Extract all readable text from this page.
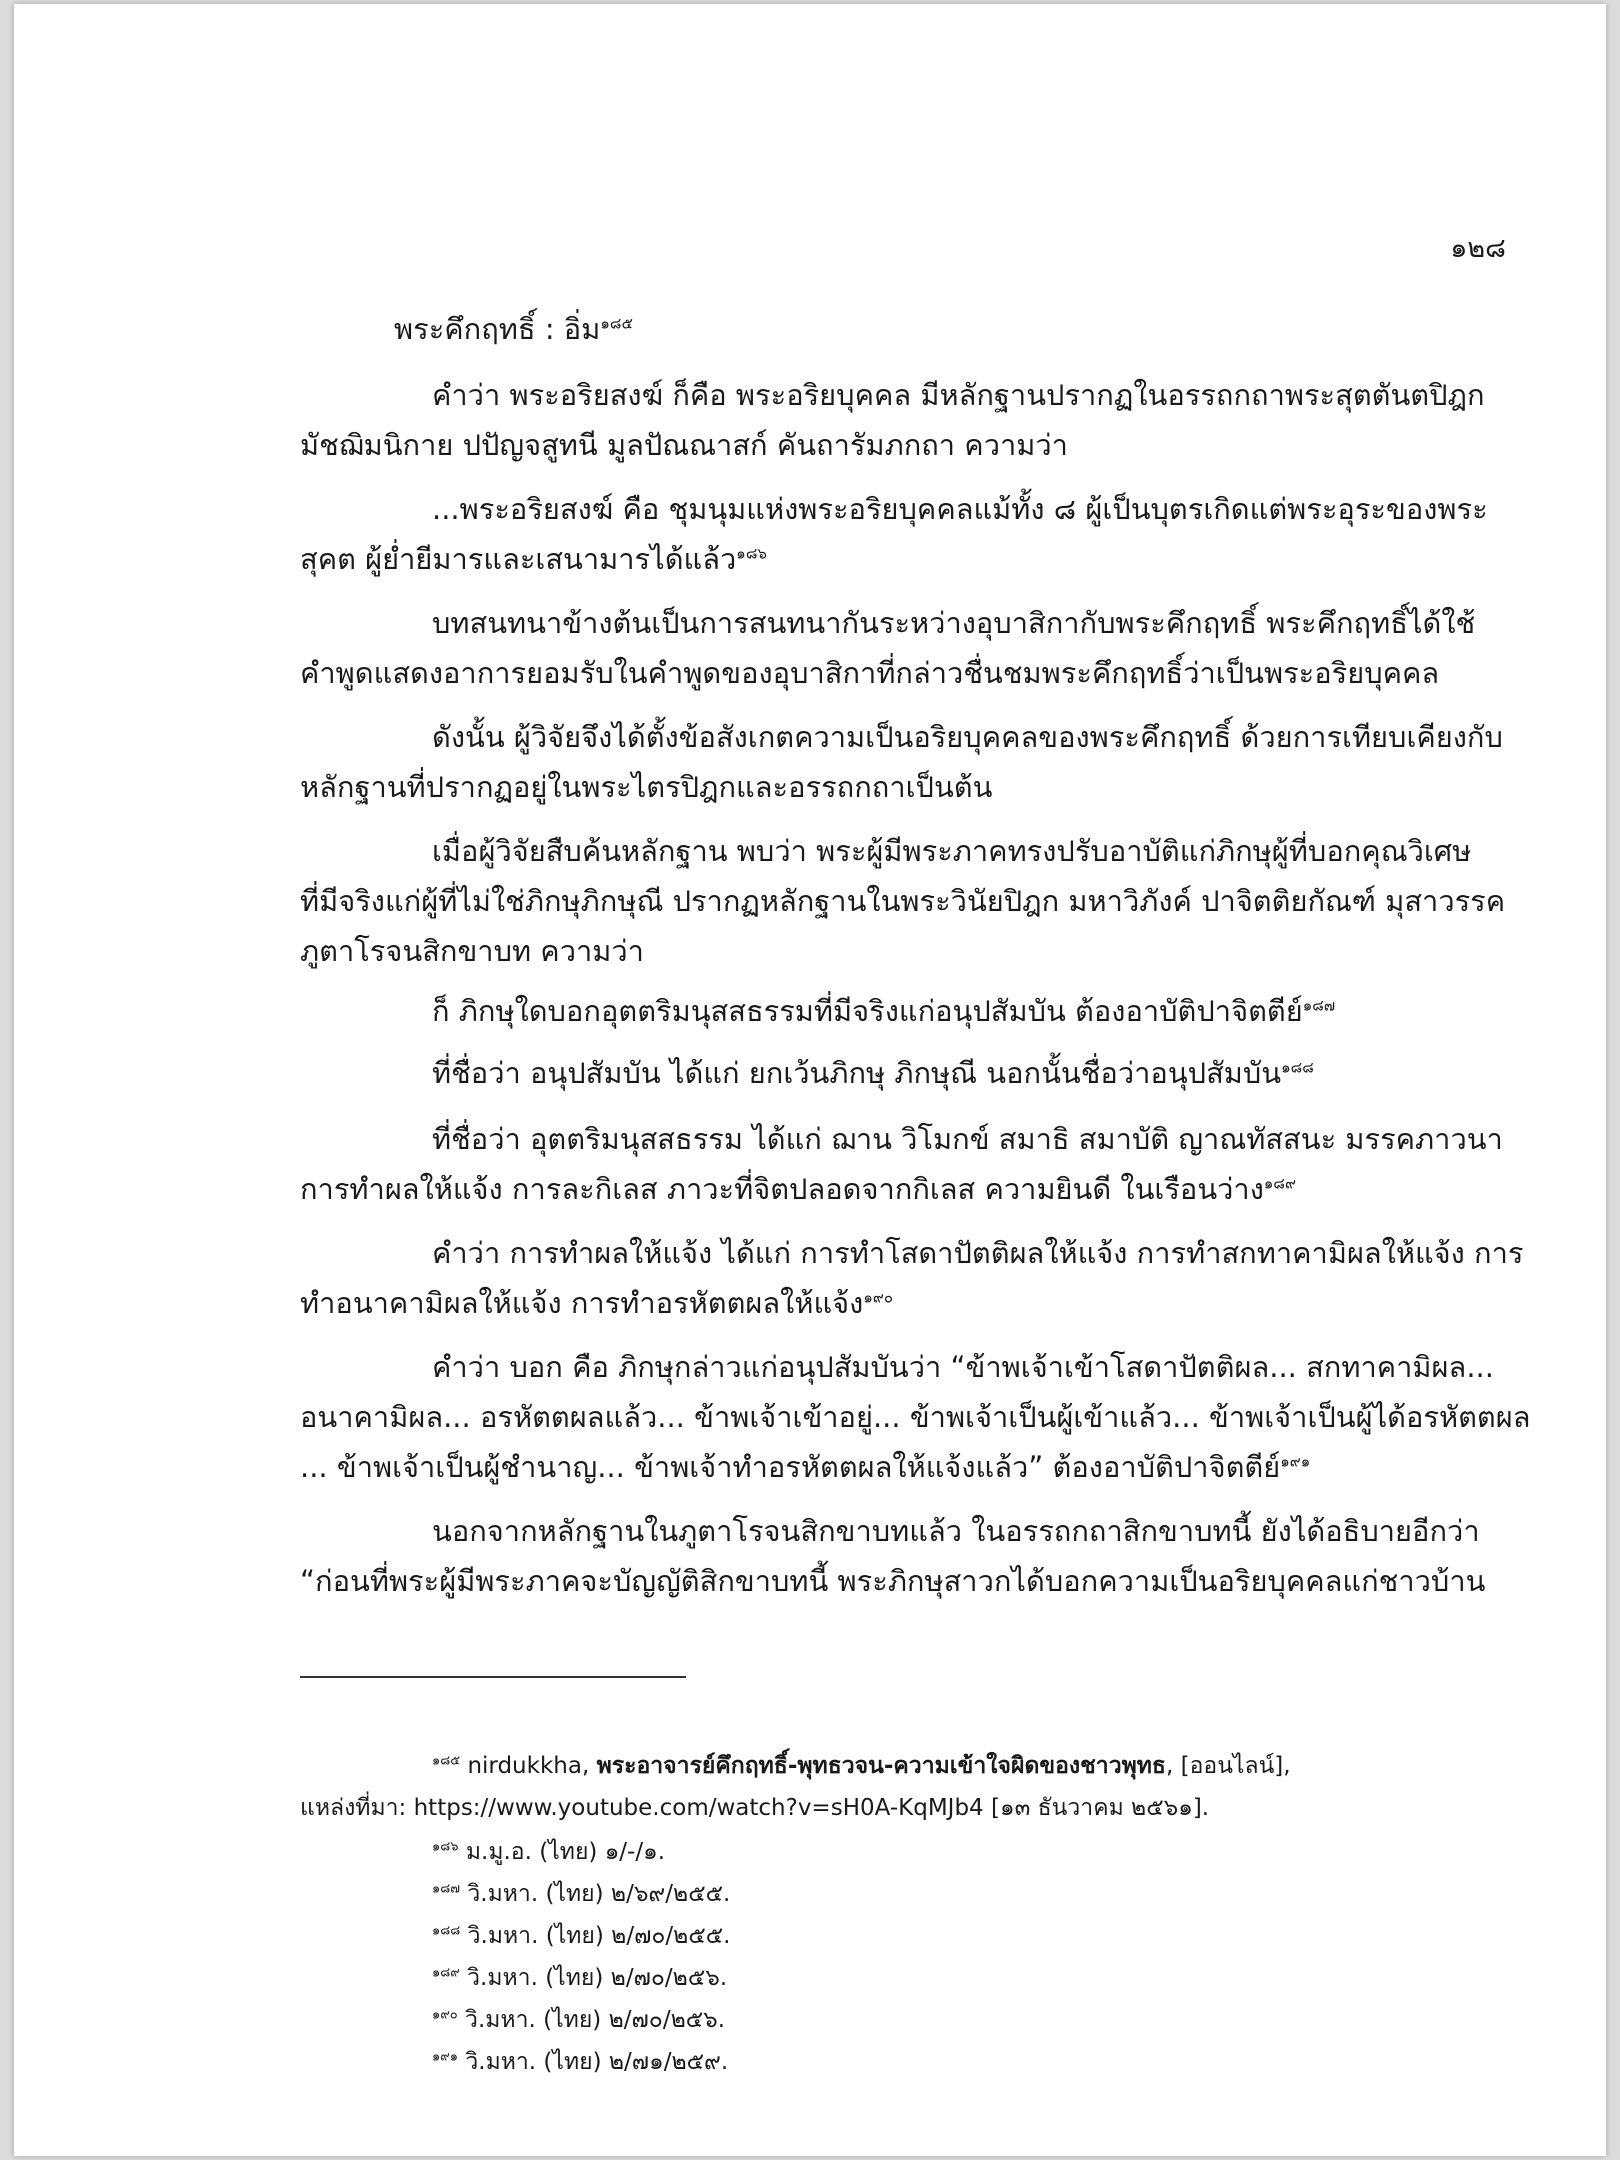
๑๒๘
พระคึกฤทธิ์ : อิ่ม$^{๑๘๕}$
คำว่า พระอริยสงฆ์ ก็คือ พระอริยบุคคล มีหลักฐานปรากฏในอรรถกถาพระสุตตันตปิฎก
มัชฌิมนิกาย ปปัญจสูทนี มูลปัณณาสก์ คันถารัมภกถา ความว่า
...พระอริยสงฆ์ คือ ชุมนุมแห่งพระอริยบุคคลแม้ทั้ง ๘ ผู้เป็นบุตรเกิดแต่พระอุระของพระ
สุคต ผู้ย่ำยีมารและเสนามารได้แล้ว$^{๑๘๖}$
บทสนทนาข้างต้นเป็นการสนทนากันระหว่างอุบาสิกากับพระคึกฤทธิ์ พระคึกฤทธิ์ได้ใช้
คำพูดแสดงอาการยอมรับในคำพูดของอุบาสิกาที่กล่าวชื่นชมพระคึกฤทธิ์ว่าเป็นพระอริยบุคคล
ดังนั้น ผู้วิจัยจึงได้ตั้งข้อสังเกตความเป็นอริยบุคคลของพระคึกฤทธิ์ ด้วยการเทียบเคียงกับ
หลักฐานที่ปรากฏอยู่ในพระไตรปิฎกและอรรถกถาเป็นต้น
เมื่อผู้วิจัยสืบค้นหลักฐาน พบว่า พระผู้มีพระภาคทรงปรับอาบัติแก่ภิกษุผู้ที่บอกคุณวิเศษ
ที่มีจริงแก่ผู้ที่ไม่ใช่ภิกษุภิกษุณี ปรากฏหลักฐานในพระวินัยปิฎก มหาวิภังค์ ปาจิตติยกัณฑ์ มุสาวรรค
ภูตาโรจนสิกขาบท ความว่า
ก็ ภิกษุใดบอกอุตตริมนุสสธรรมที่มีจริงแก่อนุปสัมบัน ต้องอาบัติปาจิตตีย์$^{๑๘๗}$
ที่ชื่อว่า อนุปสัมบัน ได้แก่ ยกเว้นภิกษุ ภิกษุณี นอกนั้นชื่อว่าอนุปสัมบัน$^{๑๘๘}$
ที่ชื่อว่า อุตตริมนุสสธรรม ได้แก่ ฌาน วิโมกข์ สมาธิ สมาบัติ ญาณทัสสนะ มรรคภาวนา
การทำผลให้แจ้ง การละกิเลส ภาวะที่จิตปลอดจากกิเลส ความยินดี ในเรือนว่าง$^{๑๘๙}$
คำว่า การทำผลให้แจ้ง ได้แก่ การทำโสดาปัตติผลให้แจ้ง การทำสกทาคามิผลให้แจ้ง การ
ทำอนาคามิผลให้แจ้ง การทำอรหัตตผลให้แจ้ง$^{๑๙๐}$
คำว่า บอก คือ ภิกษุกล่าวแก่อนุปสัมบันว่า “ข้าพเจ้าเข้าโสดาปัตติผล... สกทาคามิผล...
อนาคามิผล... อรหัตตผลแล้ว... ข้าพเจ้าเข้าอยู่... ข้าพเจ้าเป็นผู้เข้าแล้ว... ข้าพเจ้าเป็นผู้ได้อรหัตตผล
... ข้าพเจ้าเป็นผู้ชำนาญ... ข้าพเจ้าทำอรหัตตผลให้แจ้งแล้ว” ต้องอาบัติปาจิตตีย์$^{๑๙๑}$
นอกจากหลักฐานในภูตาโรจนสิกขาบทแล้ว ในอรรถกถาสิกขาบทนี้ ยังได้อธิบายอีกว่า
“ก่อนที่พระผู้มีพระภาคจะบัญญัติสิกขาบทนี้ พระภิกษุสาวกได้บอกความเป็นอริยบุคคลแก่ชาวบ้าน
$^{๑๘๕}$ nirdukkha, พระอาจารย์คึกฤทธิ์-พุทธวจน-ความเข้าใจผิดของชาวพุทธ, [ออนไลน์],
แหล่งที่มา: https://www.youtube.com/watch?v=sH0A-KqMJb4 [๑๓ ธันวาคม ๒๕๖๑].
$^{๑๘๖}$ ม.มู.อ. (ไทย) ๑/-/๑.
$^{๑๘๗}$ วิ.มหา. (ไทย) ๒/๖๙/๒๕๕.
$^{๑๘๘}$ วิ.มหา. (ไทย) ๒/๗๐/๒๕๕.
$^{๑๘๙}$ วิ.มหา. (ไทย) ๒/๗๐/๒๕๖.
$^{๑๙๐}$ วิ.มหา. (ไทย) ๒/๗๐/๒๕๖.
$^{๑๙๑}$ วิ.มหา. (ไทย) ๒/๗๑/๒๕๙.
